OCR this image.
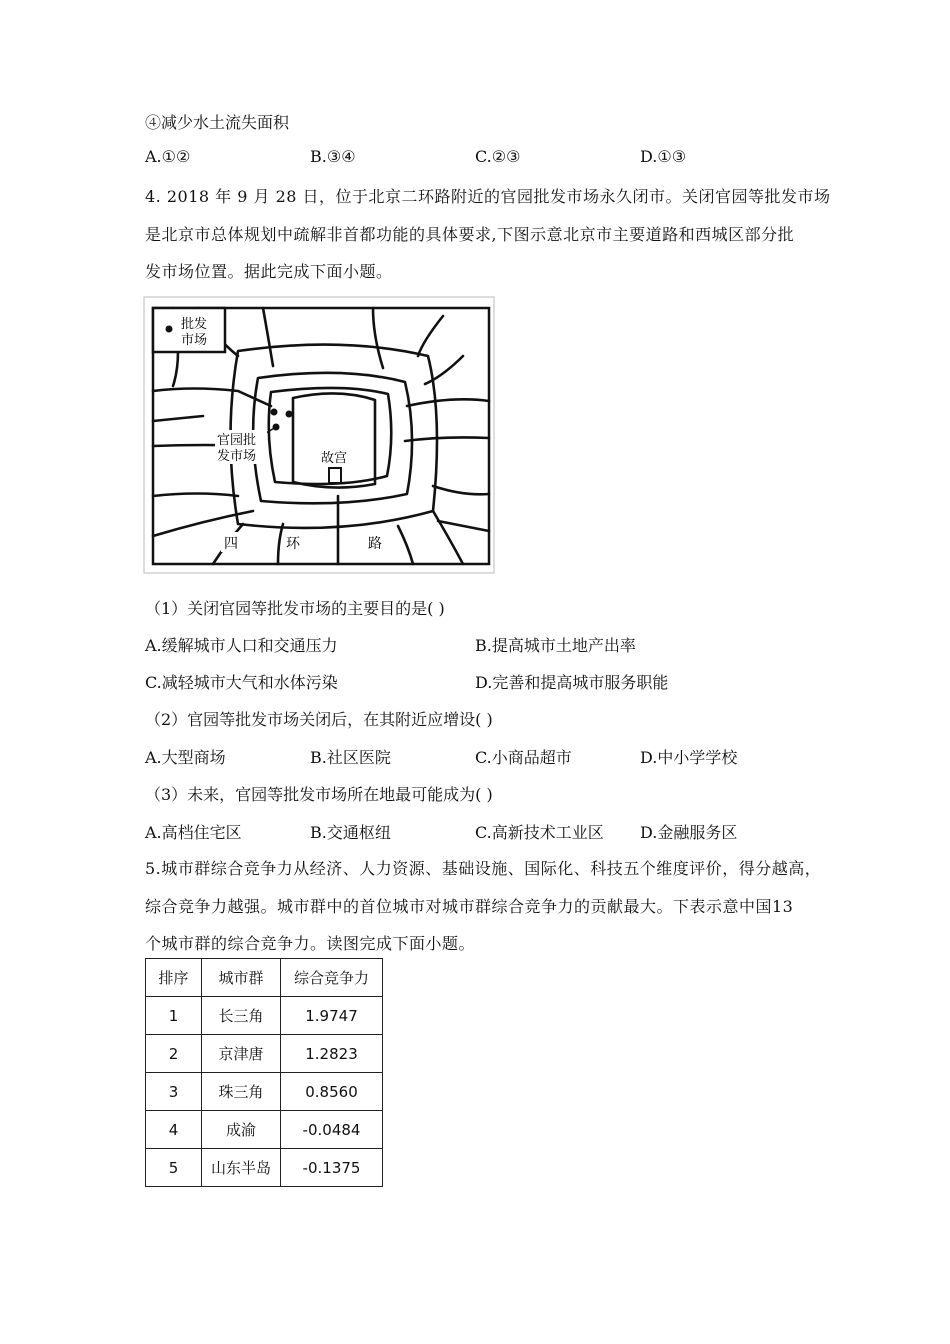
④减少水土流失面积
A.①②	B.③④	C.②③	D.①③
4. 2018 年 9 月 28 日，位于北京二环路附近的官园批发市场永久闭市。关闭官园等批发市场
是北京市总体规划中疏解非首都功能的具体要求,下图示意北京市主要道路和西城区部分批
发市场位置。据此完成下面小题。
批发
市场
官园批
发市场	故宫
四	环	路
（1）关闭官园等批发市场的主要目的是( )
A.缓解城市人口和交通压力	B.提高城市土地产出率
C.减轻城市大气和水体污染	D.完善和提高城市服务职能
（2）官园等批发市场关闭后，在其附近应增设( )
A.大型商场	B.社区医院	C.小商品超市	D.中小学学校
（3）未来，官园等批发市场所在地最可能成为( )
A.高档住宅区	B.交通枢纽	C.高新技术工业区 D.金融服务区
5.城市群综合竞争力从经济、人力资源、基础设施、国际化、科技五个维度评价，得分越高，
综合竞争力越强。城市群中的首位城市对城市群综合竞争力的贡献最大。下表示意中国13
个城市群的综合竞争力。读图完成下面小题。
排序	城市群	综合竞争力
1	长三角	1.9747
2	京津唐	1.2823
3	珠三角	0.8560
4	成渝	-0.0484
5	山东半岛	-0.1375
